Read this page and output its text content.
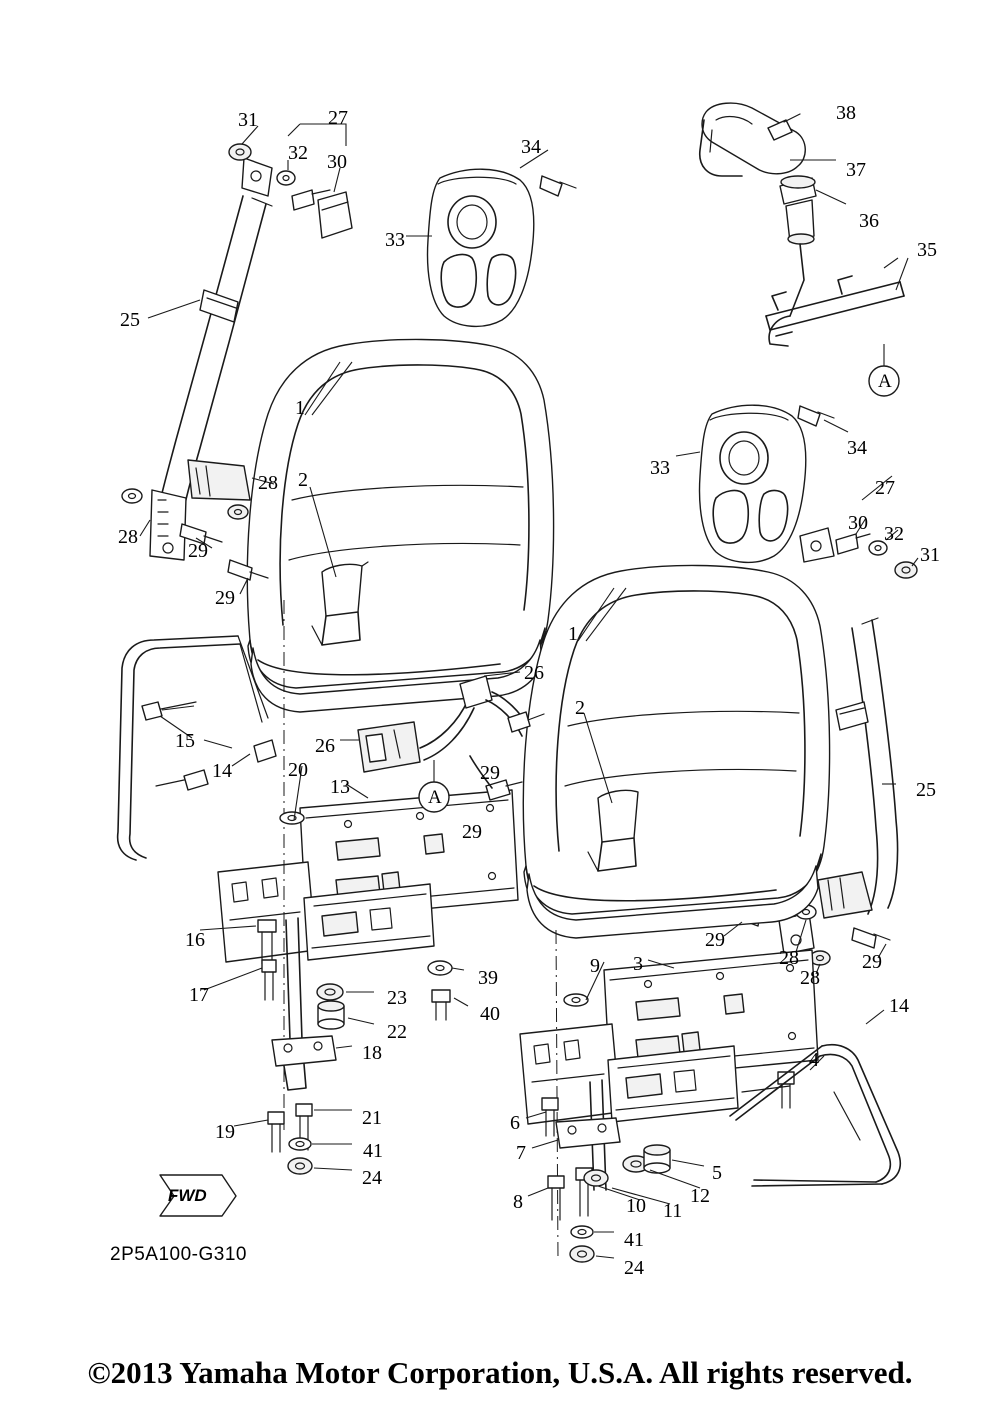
31	27
32 30
34
33
38
37
36
35
25
1
2
34
33
27
30 32
31
28
28
29
29
1
2
25
26
26
29
29
15
14	20
13
16
17
39
23
40
22
18
21
19
41
24
29
28
28
29
9 3
14
4
6
7
5
12
8	10 11
41
24
A
A
FWD
2P5A100-G310
©2013 Yamaha Motor Corporation, U.S.A. All rights reserved.
